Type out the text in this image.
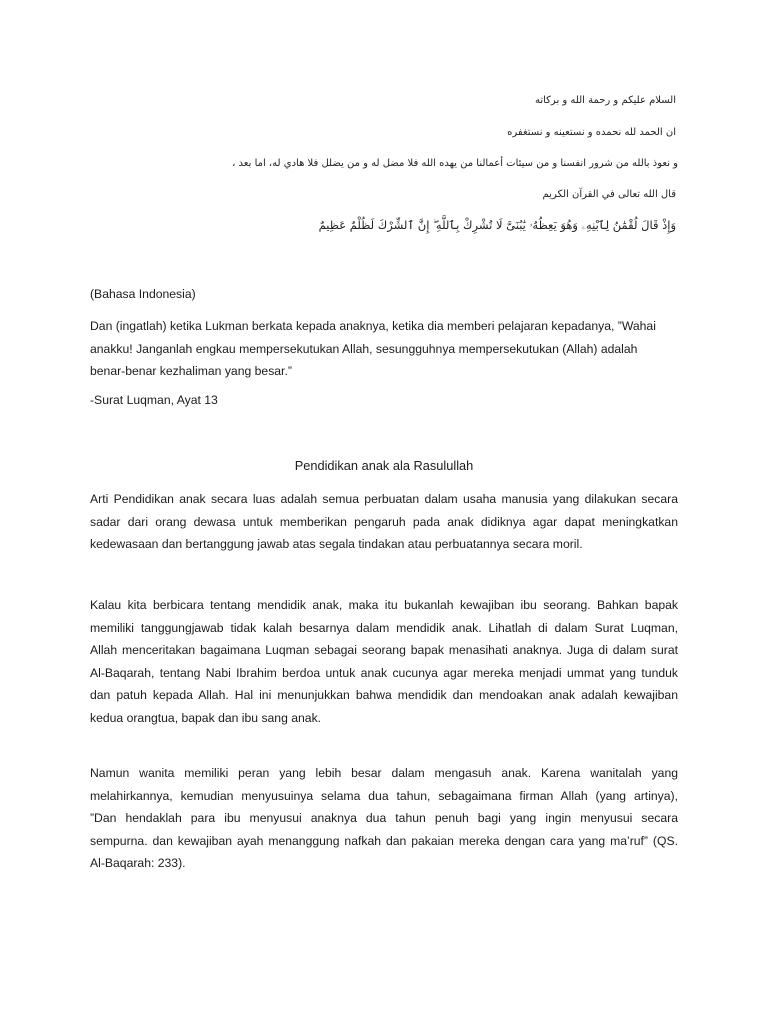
السلام عليكم و رحمة الله و بركاته
ان الحمد لله نحمده و نستعينه و نستغفره
و نعوذ بالله من شرور انفسنا و من سيئات أعمالنا من يهده الله فلا مضل له و من يضلل فلا هادي له، اما بعد ،
قال الله تعالى في القرآن الكريم
وَإِذْ قَالَ لُقْمَٰنُ لِٱبْنِهِۦ وَهُوَ يَعِظُهُۥ يَٰبُنَىَّ لَا تُشْرِكْ بِٱللَّهِ ۖ إِنَّ ٱلشِّرْكَ لَظُلْمٌ عَظِيمٌ
(Bahasa Indonesia)
Dan (ingatlah) ketika Lukman berkata kepada anaknya, ketika dia memberi pelajaran kepadanya, ”Wahai
anakku! Janganlah engkau mempersekutukan Allah, sesungguhnya mempersekutukan (Allah) adalah
benar-benar kezhaliman yang besar.”
-Surat Luqman, Ayat 13
Pendidikan anak ala Rasulullah
Arti Pendidikan anak secara luas adalah semua perbuatan dalam usaha manusia yang dilakukan secara
sadar dari orang dewasa untuk memberikan pengaruh pada anak didiknya agar dapat meningkatkan
kedewasaan dan bertanggung jawab atas segala tindakan atau perbuatannya secara moril.
Kalau kita berbicara tentang mendidik anak, maka itu bukanlah kewajiban ibu seorang. Bahkan bapak
memiliki tanggungjawab tidak kalah besarnya dalam mendidik anak. Lihatlah di dalam Surat Luqman,
Allah menceritakan bagaimana Luqman sebagai seorang bapak menasihati anaknya. Juga di dalam surat
Al-Baqarah, tentang Nabi Ibrahim berdoa untuk anak cucunya agar mereka menjadi ummat yang tunduk
dan patuh kepada Allah. Hal ini menunjukkan bahwa mendidik dan mendoakan anak adalah kewajiban
kedua orangtua, bapak dan ibu sang anak.
Namun wanita memiliki peran yang lebih besar dalam mengasuh anak. Karena wanitalah yang
melahirkannya, kemudian menyusuinya selama dua tahun, sebagaimana firman Allah (yang artinya),
”Dan hendaklah para ibu menyusui anaknya dua tahun penuh bagi yang ingin menyusui secara
sempurna. dan kewajiban ayah menanggung nafkah dan pakaian mereka dengan cara yang ma’ruf” (QS.
Al-Baqarah: 233).
